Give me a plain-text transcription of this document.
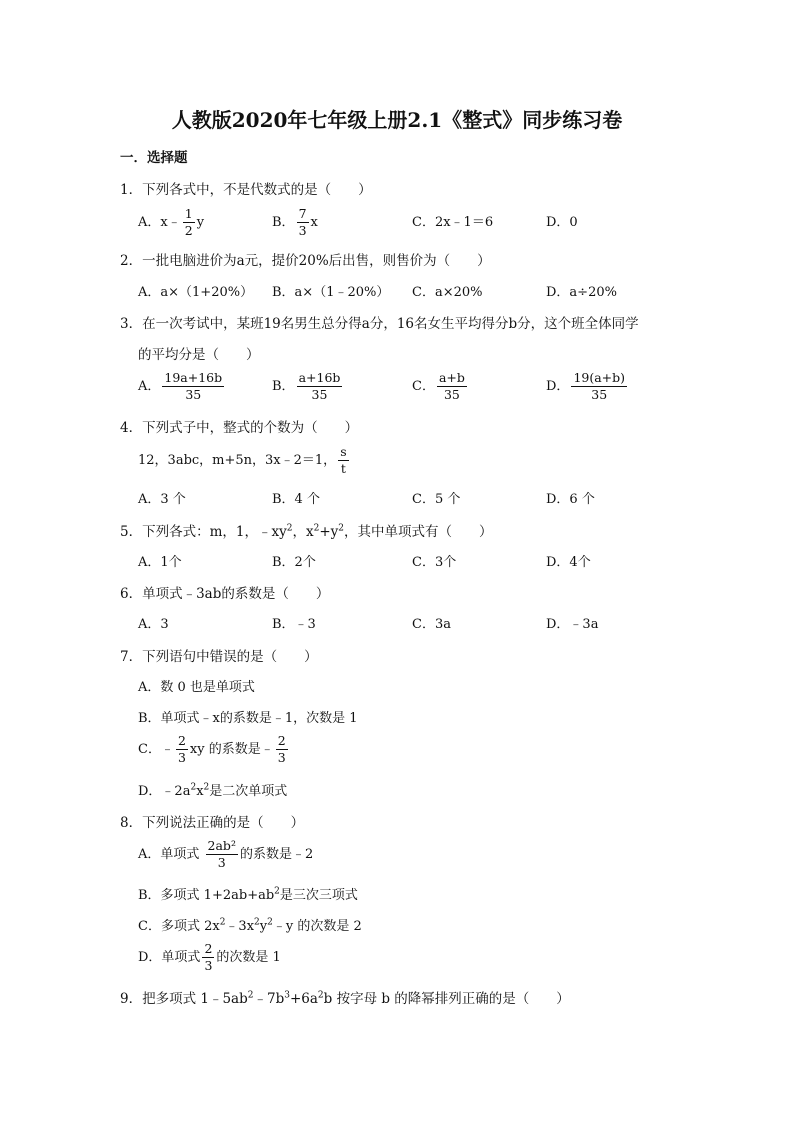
人教版2020年七年级上册2.1《整式》同步练习卷
一．选择题
1．下列各式中，不是代数式的是（　　）
A．x﹣ $\frac{1}{2}$ y	B． $\frac{7}{3}$ x	C．2x﹣1＝6	D．0
2．一批电脑进价为a元，提价20%后出售，则售价为（　　）
A．a×（1+20%） B．a×（1﹣20%） C．a×20%	D．a÷20%
3．在一次考试中，某班19名男生总分得a分，16名女生平均得分b分，这个班全体同学
的平均分是（　　）
A． $\frac{19a+16b}{35}$	B． $\frac{a+16b}{35}$	C． $\frac{a+b}{35}$	D． $\frac{19(a+b)}{35}$
4．下列式子中，整式的个数为（　　）
12，3abc，m+5n，3x﹣2＝1， $\frac{s}{t}$
A．3 个	B．4 个	C．5 个	D．6 个
5．下列各式：m，1，$﹣xy^2$，$x^2+y^2$，其中单项式有（　　）
A．1个	B．2个	C．3个	D．4个
6．单项式﹣3ab的系数是（　　）
A．3	B．﹣3	C．3a	D．﹣3a
7．下列语句中错误的是（　　）
A．数 0 也是单项式
B．单项式﹣x的系数是﹣1，次数是 1
C．﹣ $\frac{2}{3}$ xy 的系数是﹣ $\frac{2}{3}$
D．$﹣2a^2x^2$是二次单项式
8．下列说法正确的是（　　）
A．单项式 $\frac{\text{2ab²}}{3}$ 的系数是﹣2
B．多项式 $1+2ab+ab^2$是三次三项式
C．多项式 $2x^2﹣3x^2y^2﹣y$ 的次数是 2
D．单项式 $\frac{2}{3}$ 的次数是 1
9．把多项式 $1﹣5ab^2﹣7b^3+6a^2b$ 按字母 b 的降幂排列正确的是（　　）
